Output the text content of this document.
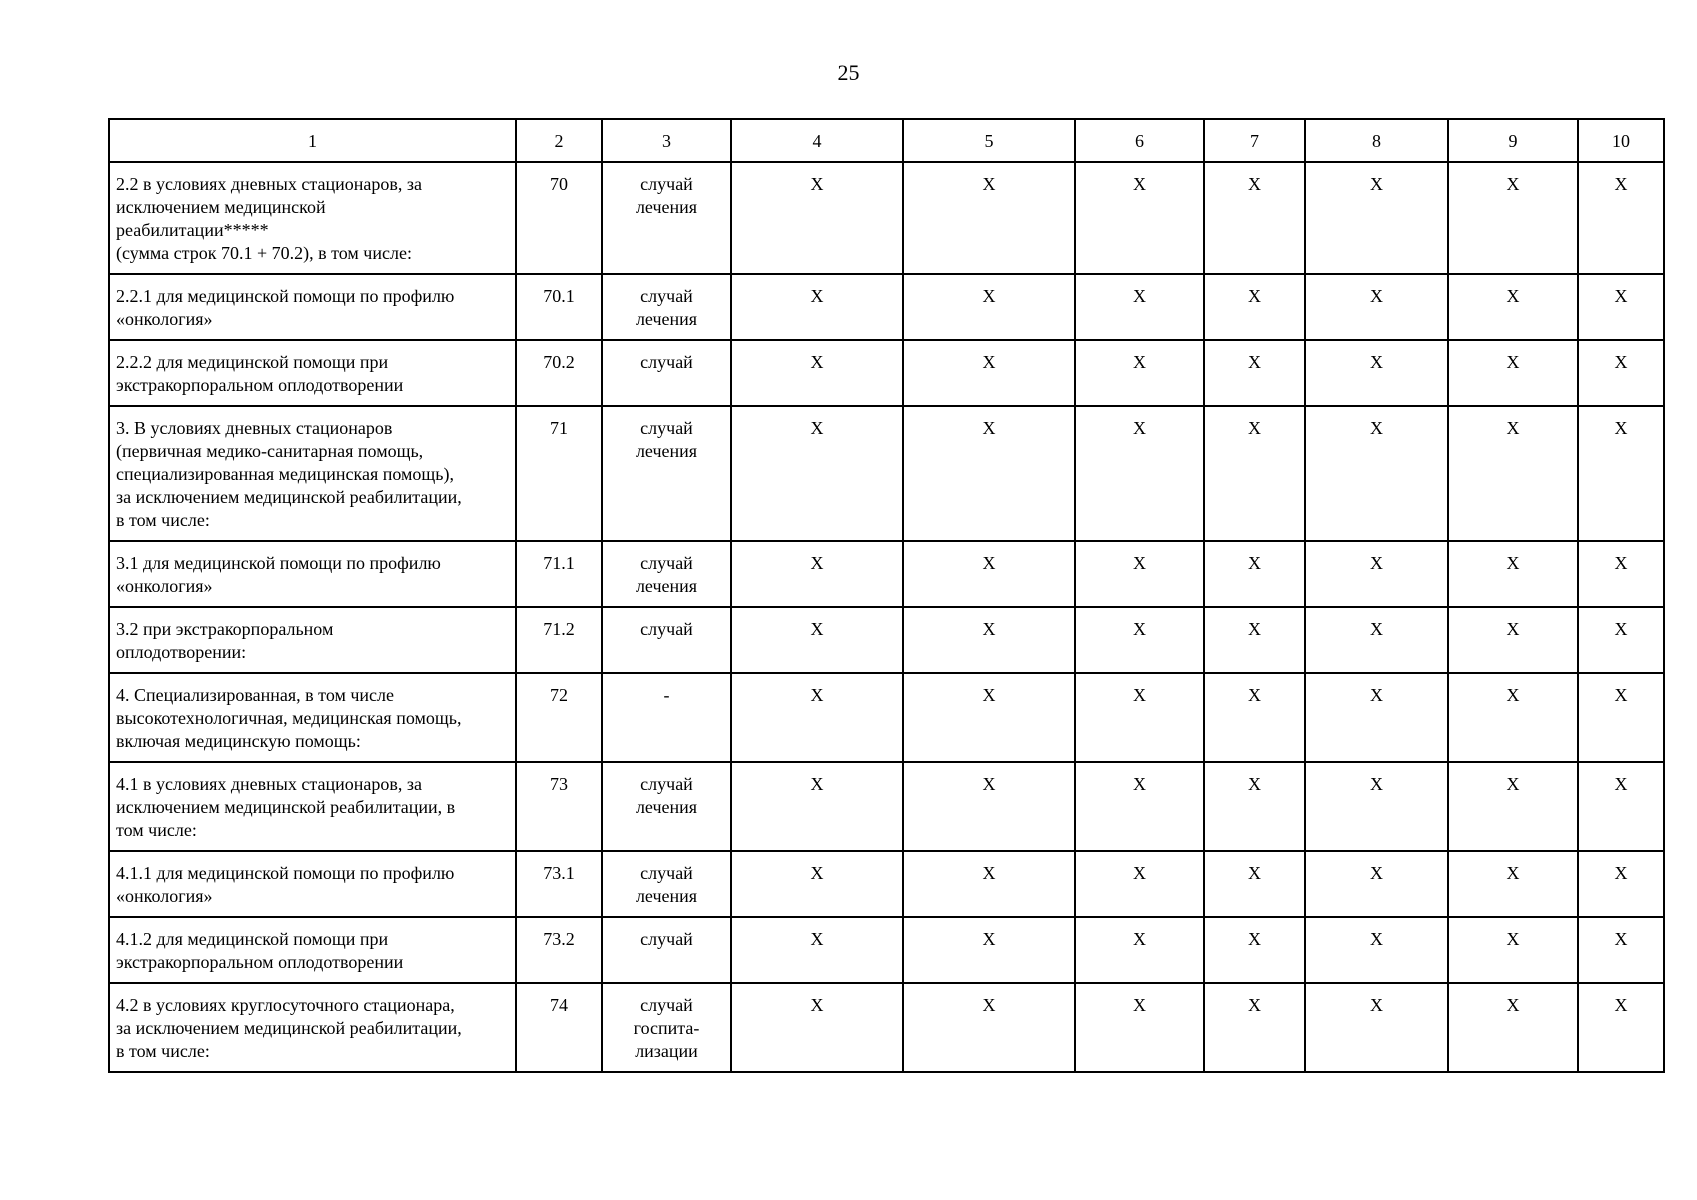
25
1	2	3	4	5	6	7	8	9	10
2.2 в условиях дневных стационаров, за
исключением медицинской
реабилитации*****
(сумма строк 70.1 + 70.2), в том числе:	70	случай
лечения	X	X	X	X	X	X	X
2.2.1 для медицинской помощи по профилю
«онкология»	70.1	случай
лечения	X	X	X	X	X	X	X
2.2.2 для медицинской помощи при
экстракорпоральном оплодотворении	70.2	случай	X	X	X	X	X	X	X
3. В условиях дневных стационаров
(первичная медико-санитарная помощь,
специализированная медицинская помощь),
за исключением медицинской реабилитации,
в том числе:	71	случай
лечения	X	X	X	X	X	X	X
3.1 для медицинской помощи по профилю
«онкология»	71.1	случай
лечения	X	X	X	X	X	X	X
3.2 при экстракорпоральном
оплодотворении:	71.2	случай	X	X	X	X	X	X	X
4. Специализированная, в том числе
высокотехнологичная, медицинская помощь,
включая медицинскую помощь:	72	-	X	X	X	X	X	X	X
4.1 в условиях дневных стационаров, за
исключением медицинской реабилитации, в
том числе:	73	случай
лечения	X	X	X	X	X	X	X
4.1.1 для медицинской помощи по профилю
«онкология»	73.1	случай
лечения	X	X	X	X	X	X	X
4.1.2 для медицинской помощи при
экстракорпоральном оплодотворении	73.2	случай	X	X	X	X	X	X	X
4.2 в условиях круглосуточного стационара,
за исключением медицинской реабилитации,
в том числе:	74	случай
госпита-
лизации	X	X	X	X	X	X	X
